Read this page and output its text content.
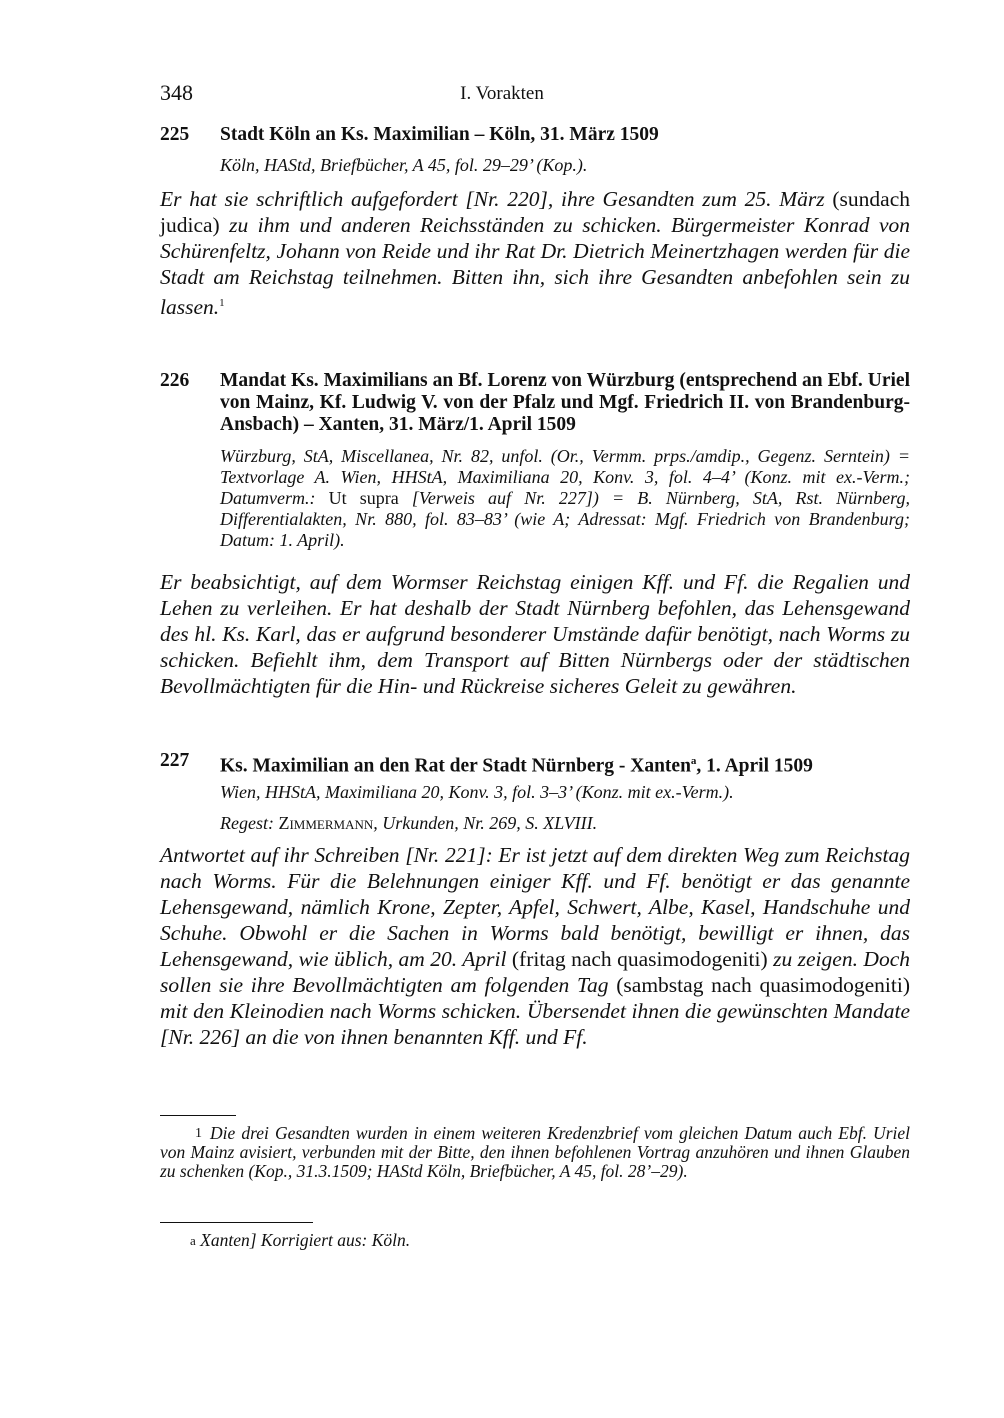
348	I. Vorakten
225	Stadt Köln an Ks. Maximilian – Köln, 31. März 1509
Köln, HAStd, Briefbücher, A 45, fol. 29–29’ (Kop.).
Er hat sie schriftlich aufgefordert [Nr. 220], ihre Gesandten zum 25. März (sundach judica) zu ihm und anderen Reichsständen zu schicken. Bürgermeister Konrad von Schürenfeltz, Johann von Reide und ihr Rat Dr. Dietrich Meinertzhagen werden für die Stadt am Reichstag teilnehmen. Bitten ihn, sich ihre Gesandten anbefohlen sein zu lassen.$^1$
226	Mandat Ks. Maximilians an Bf. Lorenz von Würzburg (entsprechend an Ebf. Uriel von Mainz, Kf. Ludwig V. von der Pfalz und Mgf. Friedrich II. von Brandenburg-Ansbach) – Xanten, 31. März/1. April 1509
Würzburg, StA, Miscellanea, Nr. 82, unfol. (Or., Vermm. prps./amdip., Gegenz. Serntein) = Textvorlage A. Wien, HHStA, Maximiliana 20, Konv. 3, fol. 4–4’ (Konz. mit ex.-Verm.; Datumverm.: Ut supra [Verweis auf Nr. 227]) = B. Nürnberg, StA, Rst. Nürnberg, Differentialakten, Nr. 880, fol. 83–83’ (wie A; Adressat: Mgf. Friedrich von Brandenburg; Datum: 1. April).
Er beabsichtigt, auf dem Wormser Reichstag einigen Kff. und Ff. die Regalien und Lehen zu verleihen. Er hat deshalb der Stadt Nürnberg befohlen, das Lehensgewand des hl. Ks. Karl, das er aufgrund besonderer Umstände dafür benötigt, nach Worms zu schicken. Befiehlt ihm, dem Transport auf Bitten Nürnbergs oder der städtischen Bevollmächtigten für die Hin- und Rückreise sicheres Geleit zu gewähren.
227	Ks. Maximilian an den Rat der Stadt Nürnberg - Xanten$^a$, 1. April 1509
Wien, HHStA, Maximiliana 20, Konv. 3, fol. 3–3’ (Konz. mit ex.-Verm.).
Regest: Zimmermann, Urkunden, Nr. 269, S. XLVIII.
Antwortet auf ihr Schreiben [Nr. 221]: Er ist jetzt auf dem direkten Weg zum Reichstag nach Worms. Für die Belehnungen einiger Kff. und Ff. benötigt er das genannte Lehensgewand, nämlich Krone, Zepter, Apfel, Schwert, Albe, Kasel, Handschuhe und Schuhe. Obwohl er die Sachen in Worms bald benötigt, bewilligt er ihnen, das Lehensgewand, wie üblich, am 20. April (fritag nach quasimodogeniti) zu zeigen. Doch sollen sie ihre Bevollmächtigten am folgenden Tag (sambstag nach quasimodogeniti) mit den Kleinodien nach Worms schicken. Übersendet ihnen die gewünschten Mandate [Nr. 226] an die von ihnen benannten Kff. und Ff.
1 Die drei Gesandten wurden in einem weiteren Kredenzbrief vom gleichen Datum auch Ebf. Uriel von Mainz avisiert, verbunden mit der Bitte, den ihnen befohlenen Vortrag anzuhören und ihnen Glauben zu schenken (Kop., 31.3.1509; HAStd Köln, Briefbücher, A 45, fol. 28’–29).
$^a$ Xanten] Korrigiert aus: Köln.
